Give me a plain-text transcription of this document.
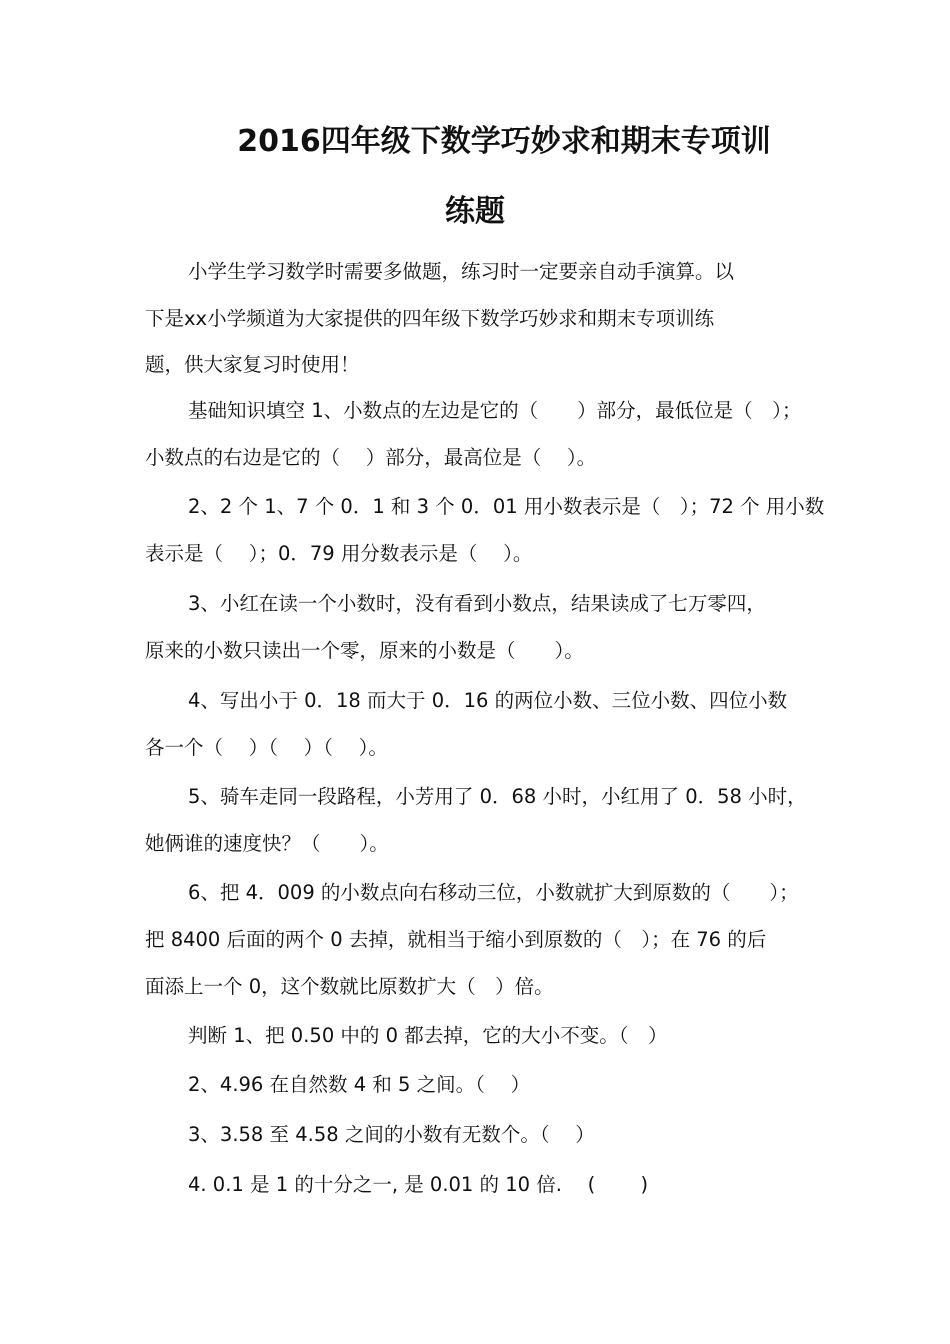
2016四年级下数学巧妙求和期末专项训
练题

小学生学习数学时需要多做题，练习时一定要亲自动手演算。以

下是xx小学频道为大家提供的四年级下数学巧妙求和期末专项训练

题，供大家复习时使用！

基础知识填空 1、小数点的左边是它的（　　）部分，最低位是（　）；

小数点的右边是它的（　 ）部分，最高位是（　 ）。

2、2 个 1、7 个 0．1 和 3 个 0．01 用小数表示是（　）；72 个 用小数

表示是（　 ）；0．79 用分数表示是（　 ）。

3、小红在读一个小数时，没有看到小数点，结果读成了七万零四，

原来的小数只读出一个零，原来的小数是（　　）。

4、写出小于 0．18 而大于 0．16 的两位小数、三位小数、四位小数

各一个（　 ）（　 ）（　 ）。

5、骑车走同一段路程，小芳用了 0．68 小时，小红用了 0．58 小时，

她俩谁的速度快？（　　）。

6、把 4．009 的小数点向右移动三位，小数就扩大到原数的（　　）；

把 8400 后面的两个 0 去掉，就相当于缩小到原数的（　）；在 76 的后

面添上一个 0，这个数就比原数扩大（　）倍。

判断 1、把 0.50 中的 0 都去掉，它的大小不变。（　）

2、4.96 在自然数 4 和 5 之间。（　 ）

3、3.58 至 4.58 之间的小数有无数个。（　 ）

4. 0.1 是 1 的十分之一, 是 0.01 的 10 倍.　 (　　 )
